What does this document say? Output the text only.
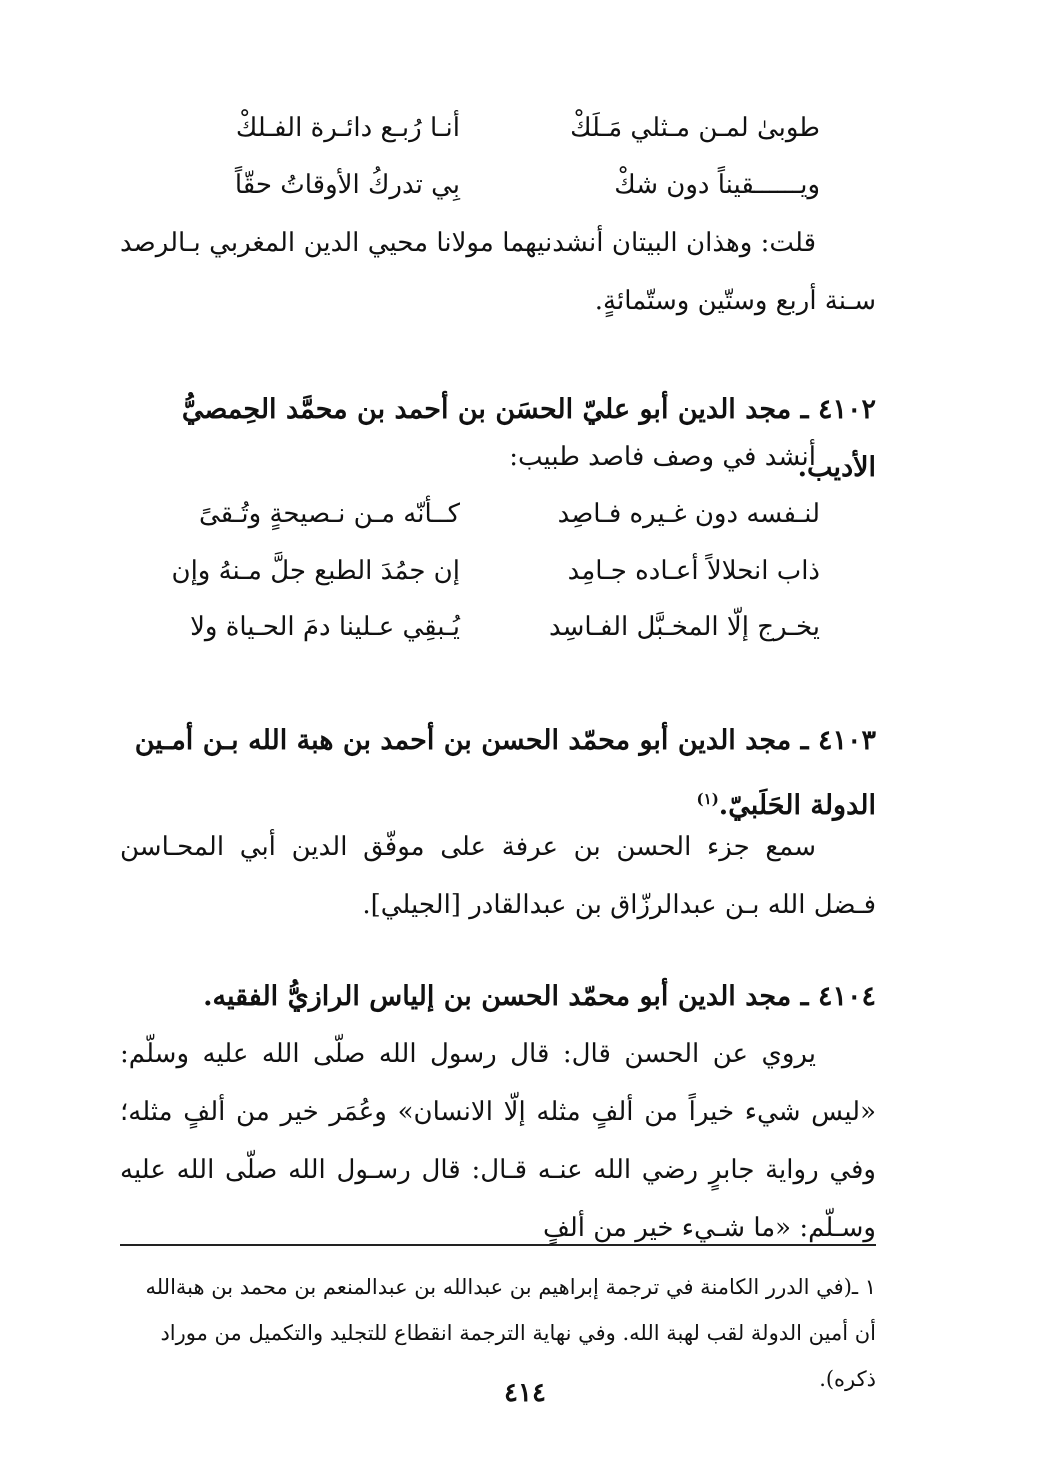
أنـا رُبـع دائـرة الفـلكْ	طوبىٰ لمـن مـثلي مَـلَكْ
بِي تدركُ الأوقاتُ حقّاً	ويــــــقيناً دون شكْ
قلت: وهذان البيتان أنشدنيهما مولانا محيي الدين المغربي بـالرصد سـنة أربع وستّين وستّمائةٍ.
٤١٠٢ ـ مجد الدين أبو عليّ الحسَن بن أحمد بن محمَّد الحِمصيُّ الأديب.
أنشد في وصف فاصد طبيب:
كــأنّه مـن نـصيحةٍ وتُـقىً	لنـفسه دون غـيره فـاصِد
إن جمُدَ الطبع جلَّ مـنهُ وإن	ذاب انحلالاً أعـاده جـامِد
يُـبقِي عـلينا دمَ الحـياة ولا	يخـرج إلّا المخـبَّل الفـاسِد
٤١٠٣ ـ مجد الدين أبو محمّد الحسن بن أحمد بن هبة الله بـن أمـين الدولة الحَلَبيّ.$^{(١)}$
سمع جزء الحسن بن عرفة على موفّق الدين أبي المحـاسن فـضل الله بـن عبدالرزّاق بن عبدالقادر [الجيلي].
٤١٠٤ ـ مجد الدين أبو محمّد الحسن بن إلياس الرازيُّ الفقيه.
يروي عن الحسن قال: قال رسول الله صلّى الله عليه وسلّم: «ليس شيء خيراً من ألفٍ مثله إلّا الانسان» وعُمَر خير من ألفٍ مثله؛ وفي رواية جابرٍ رضي الله عنـه قـال: قال رسـول الله صلّى الله عليه وسـلّم: «ما شـيء خير من ألفٍ
١ ـ(في الدرر الكامنة في ترجمة إبراهيم بن عبدالله بن عبدالمنعم بن محمد بن هبةالله أن أمين الدولة لقب لهبة الله. وفي نهاية الترجمة انقطاع للتجليد والتكميل من موراد ذكره).
٤١٤
